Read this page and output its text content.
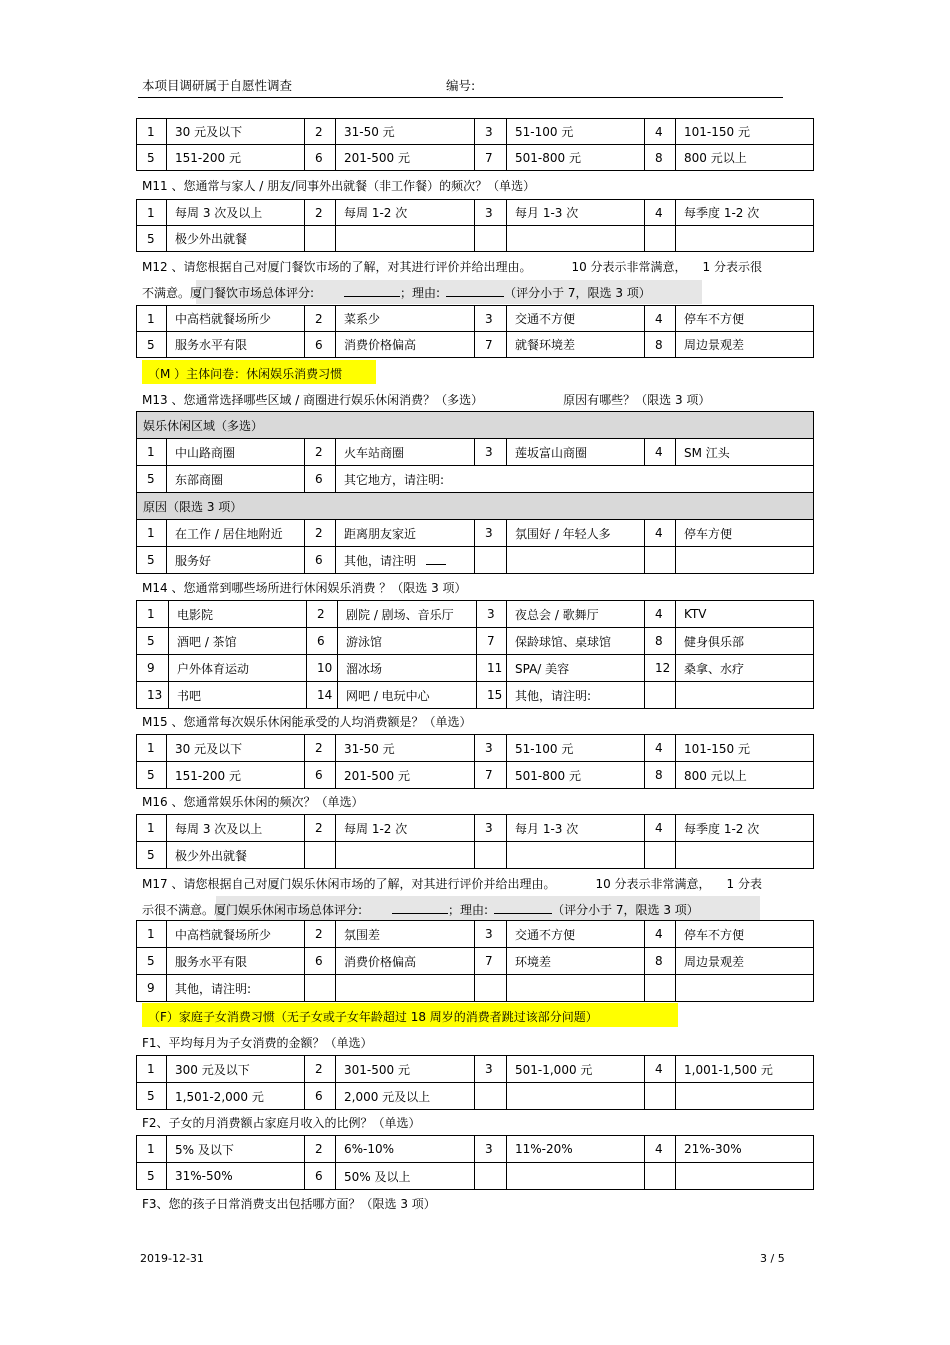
本项目调研属于自愿性调查	编号:
1	30 元及以下	2	31-50 元	3	51-100 元	4	101-150 元
5	151-200 元	6	201-500 元	7	501-800 元	8	800 元以上
M11 、您通常与家人 / 朋友/同事外出就餐（非工作餐）的频次？（单选）
1	每周 3 次及以上	2	每周 1-2 次	3	每月 1-3 次	4	每季度 1-2 次
5	极少外出就餐						
M12 、请您根据自己对厦门餐饮市场的了解，对其进行评价并给出理由。	10 分表示非常满意， 1 分表示很
不满意。厦门餐饮市场总体评分:	；理由:	（评分小于 7，限选 3 项）
1	中高档就餐场所少	2	菜系少	3	交通不方便	4	停车不方便
5	服务水平有限	6	消费价格偏高	7	就餐环境差	8	周边景观差
（M ）主体问卷：休闲娱乐消费习惯
M13 、您通常选择哪些区域 / 商圈进行娱乐休闲消费？（多选）	原因有哪些？（限选 3 项）
娱乐休闲区域（多选）							
1	中山路商圈	2	火车站商圈	3	莲坂富山商圈	4	SM 江头
5	东部商圈	6	其它地方，请注明:				
原因（限选 3 项）							
1	在工作 / 居住地附近	2	距离朋友家近	3	氛围好 / 年轻人多	4	停车方便
5	服务好	6	其他，请注明				
M14 、您通常到哪些场所进行休闲娱乐消费 ？（限选 3 项）
1	电影院	2	剧院 / 剧场、音乐厅	3	夜总会 / 歌舞厅	4	KTV
5	酒吧 / 茶馆	6	游泳馆	7	保龄球馆、桌球馆	8	健身俱乐部
9	户外体育运动	10	溜冰场	11	SPA/ 美容	12	桑拿、水疗
13	书吧	14	网吧 / 电玩中心	15	其他，请注明:		
M15 、您通常每次娱乐休闲能承受的人均消费额是？（单选）
1	30 元及以下	2	31-50 元	3	51-100 元	4	101-150 元
5	151-200 元	6	201-500 元	7	501-800 元	8	800 元以上
M16 、您通常娱乐休闲的频次？（单选）
1	每周 3 次及以上	2	每周 1-2 次	3	每月 1-3 次	4	每季度 1-2 次
5	极少外出就餐						
M17 、请您根据自己对厦门娱乐休闲市场的了解，对其进行评价并给出理由。	10 分表示非常满意， 1 分表
示很不满意。厦门娱乐休闲市场总体评分:	；理由:	（评分小于 7，限选 3 项）
1	中高档就餐场所少	2	氛围差	3	交通不方便	4	停车不方便
5	服务水平有限	6	消费价格偏高	7	环境差	8	周边景观差
9	其他，请注明:						
（F）家庭子女消费习惯（无子女或子女年龄超过 18 周岁的消费者跳过该部分问题）
F1、平均每月为子女消费的金额？（单选）
1	300 元及以下	2	301-500 元	3	501-1,000 元	4	1,001-1,500 元
5	1,501-2,000 元	6	2,000 元及以上				
F2、子女的月消费额占家庭月收入的比例？（单选）
1	5% 及以下	2	6%-10%	3	11%-20%	4	21%-30%
5	31%-50%	6	50% 及以上				
F3、您的孩子日常消费支出包括哪方面？（限选 3 项）
2019-12-31	3 / 5
